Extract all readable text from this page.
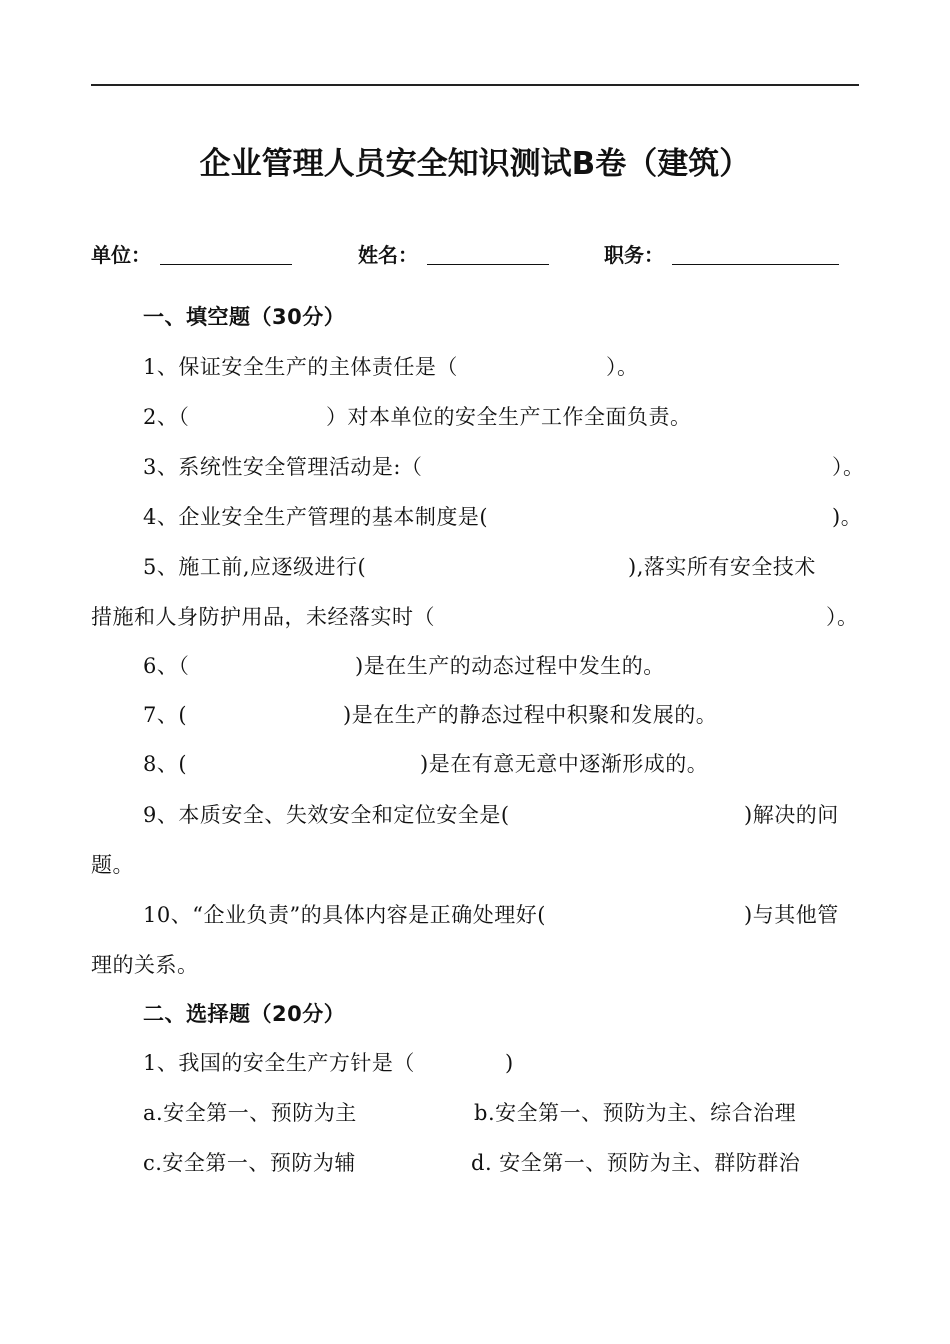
企业管理人员安全知识测试B卷（建筑）
单位：	姓名：	职务：
一、填空题（30分）
1、保证安全生产的主体责任是（	）。
2、（	）对本单位的安全生产工作全面负责。
3、系统性安全管理活动是:（	）。
4、企业安全生产管理的基本制度是(	)。
5、施工前,应逐级进行(	),落实所有安全技术
措施和人身防护用品，未经落实时（	）。
6、（	)是在生产的动态过程中发生的。
7、(	)是在生产的静态过程中积聚和发展的。
8、(	)是在有意无意中逐渐形成的。
9、本质安全、失效安全和定位安全是(	)解决的问
题。
10、“企业负责”的具体内容是正确处理好(	)与其他管
理的关系。
二、选择题（20分）
1、我国的安全生产方针是（	)
a.安全第一、预防为主	b.安全第一、预防为主、综合治理
c.安全第一、预防为辅	d. 安全第一、预防为主、群防群治
